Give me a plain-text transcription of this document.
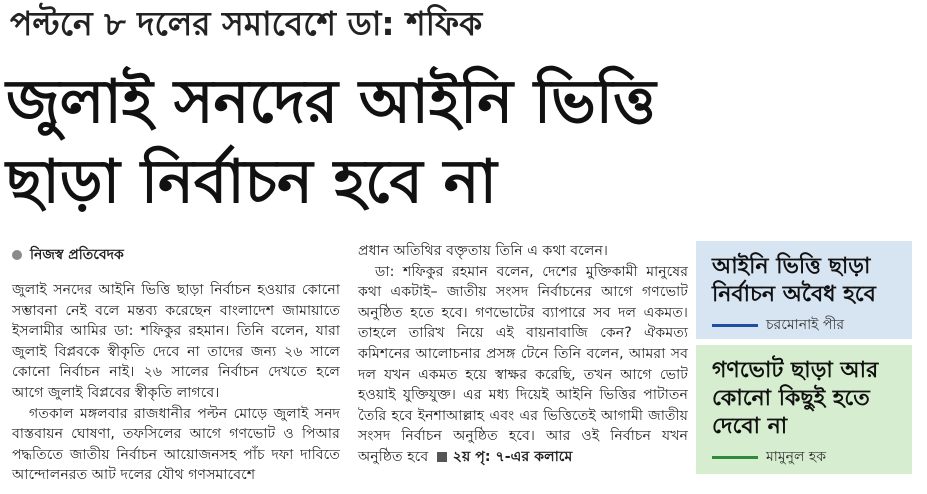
পল্টনে ৮ দলের সমাবেশে ডা: শফিক
জুলাই সনদের আইনি ভিত্তি
ছাড়া নির্বাচন হবে না
নিজস্ব প্রতিবেদক

জুলাই সনদের আইনি ভিত্তি ছাড়া নির্বাচন হওয়ার কোনো সম্ভাবনা নেই বলে মন্তব্য করেছেন বাংলাদেশ জামায়াতে ইসলামীর আমির ডা: শফিকুর রহমান। তিনি বলেন, যারা জুলাই বিপ্লবকে স্বীকৃতি দেবে না তাদের জন্য ২৬ সালে কোনো নির্বাচন নাই। ২৬ সালের নির্বাচন দেখতে হলে আগে জুলাই বিপ্লবের স্বীকৃতি লাগবে।

গতকাল মঙ্গলবার রাজধানীর পল্টন মোড়ে জুলাই সনদ বাস্তবায়ন ঘোষণা, তফসিলের আগে গণভোট ও পিআর পদ্ধতিতে জাতীয় নির্বাচন আয়োজনসহ পাঁচ দফা দাবিতে আন্দোলনরত আট দলের যৌথ গণসমাবেশে

প্রধান অতিথির বক্তৃতায় তিনি এ কথা বলেন।

ডা: শফিকুর রহমান বলেন, দেশের মুক্তিকামী মানুষের কথা একটাই– জাতীয় সংসদ নির্বাচনের আগে গণভোট অনুষ্ঠিত হতে হবে। গণভোটের ব্যাপারে সব দল একমত। তাহলে তারিখ নিয়ে এই বায়নাবাজি কেন? ঐকমত্য কমিশনের আলোচনার প্রসঙ্গ টেনে তিনি বলেন, আমরা সব দল যখন একমত হয়ে স্বাক্ষর করেছি, তখন আগে ভোট হওয়াই যুক্তিযুক্ত। এর মধ্য দিয়েই আইনি ভিত্তির পাটাতন তৈরি হবে ইনশাআল্লাহ এবং এর ভিত্তিতেই আগামী জাতীয় সংসদ নির্বাচন অনুষ্ঠিত হবে। আর ওই নির্বাচন যখন অনুষ্ঠিত হবে ২য় পৃ: ৭-এর কলামে

আইনি ভিত্তি ছাড়া নির্বাচন অবৈধ হবে

চরমোনাই পীর

গণভোট ছাড়া আর কোনো কিছুই হতে দেবো না

মামুনুল হক
